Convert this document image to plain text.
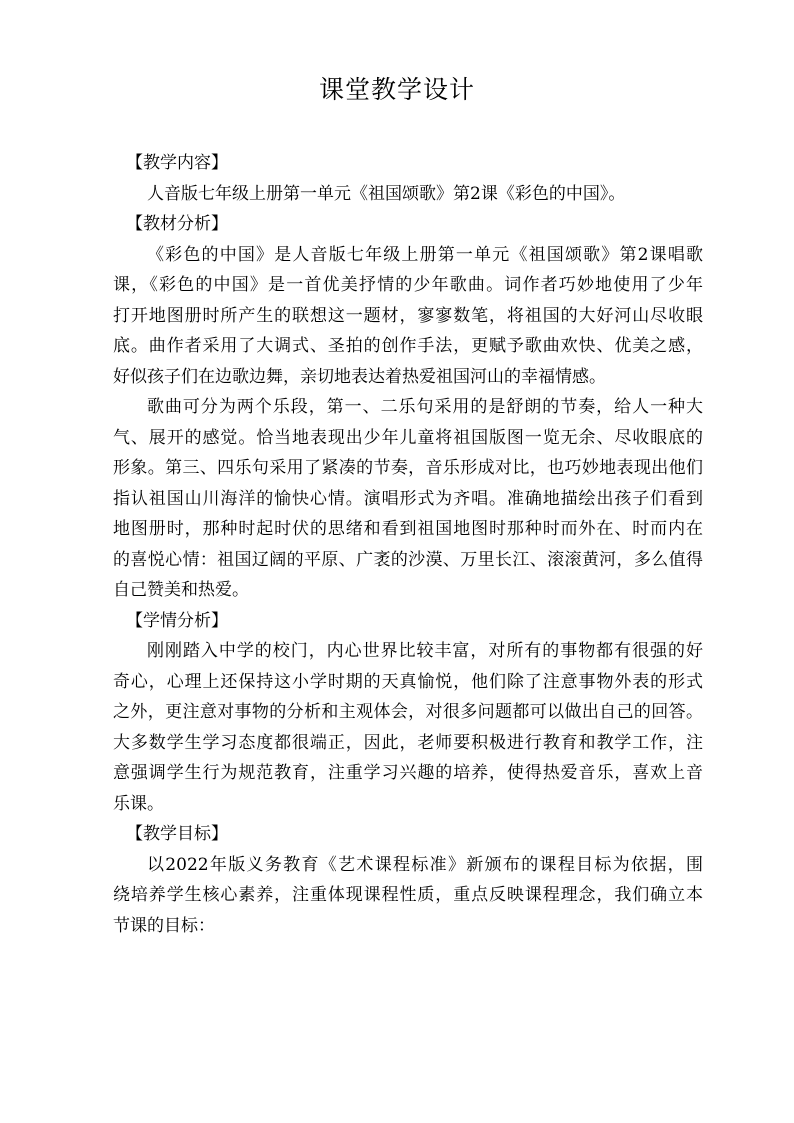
课堂教学设计

【教学内容】

人音版七年级上册第一单元《祖国颂歌》第2课《彩色的中国》。

【教材分析】

《彩色的中国》是人音版七年级上册第一单元《祖国颂歌》第2课唱歌
课，《彩色的中国》是一首优美抒情的少年歌曲。词作者巧妙地使用了少年
打开地图册时所产生的联想这一题材，寥寥数笔，将祖国的大好河山尽收眼
底。曲作者采用了大调式、圣拍的创作手法，更赋予歌曲欢快、优美之感，
好似孩子们在边歌边舞，亲切地表达着热爱祖国河山的幸福情感。
歌曲可分为两个乐段，第一、二乐句采用的是舒朗的节奏，给人一种大
气、展开的感觉。恰当地表现出少年儿童将祖国版图一览无余、尽收眼底的
形象。第三、四乐句采用了紧凑的节奏，音乐形成对比，也巧妙地表现出他们
指认祖国山川海洋的愉快心情。演唱形式为齐唱。准确地描绘出孩子们看到
地图册时，那种时起时伏的思绪和看到祖国地图时那种时而外在、时而内在
的喜悦心情：祖国辽阔的平原、广袤的沙漠、万里长江、滚滚黄河，多么值得
自己赞美和热爱。

【学情分析】

刚刚踏入中学的校门，内心世界比较丰富，对所有的事物都有很强的好
奇心，心理上还保持这小学时期的天真愉悦，他们除了注意事物外表的形式
之外，更注意对事物的分析和主观体会，对很多问题都可以做出自己的回答。
大多数学生学习态度都很端正，因此，老师要积极进行教育和教学工作，注
意强调学生行为规范教育，注重学习兴趣的培养，使得热爱音乐，喜欢上音
乐课。

【教学目标】

以2022年版义务教育《艺术课程标准》新颁布的课程目标为依据，围
绕培养学生核心素养，注重体现课程性质，重点反映课程理念，我们确立本
节课的目标：
